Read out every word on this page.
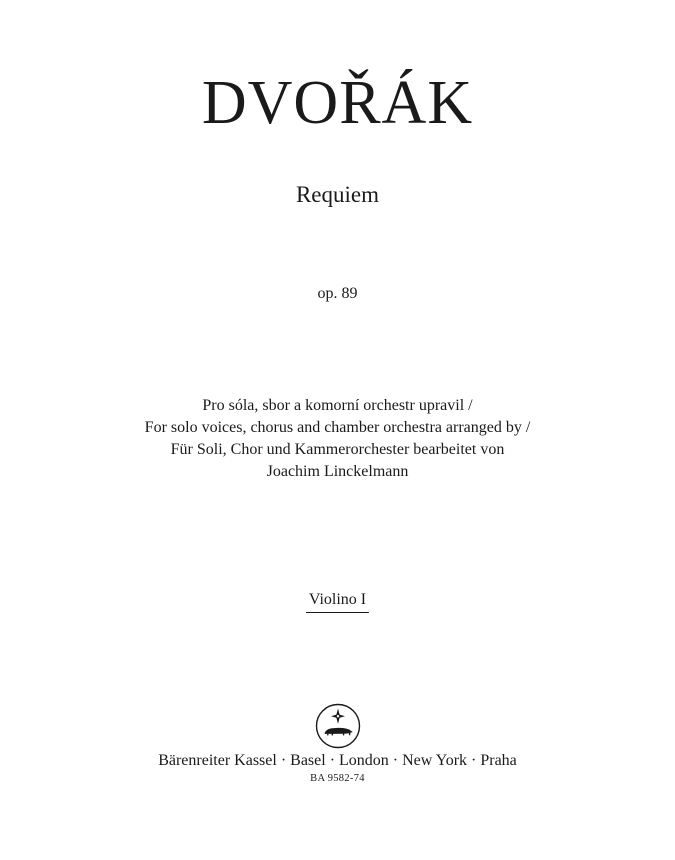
DVOŘÁK
Requiem
op. 89
Pro sóla, sbor a komorní orchestr upravil /
For solo voices, chorus and chamber orchestra arranged by /
Für Soli, Chor und Kammerorchester bearbeitet von
Joachim Linckelmann
Violino I
Bärenreiter Kassel · Basel · London · New York · Praha
BA 9582-74
